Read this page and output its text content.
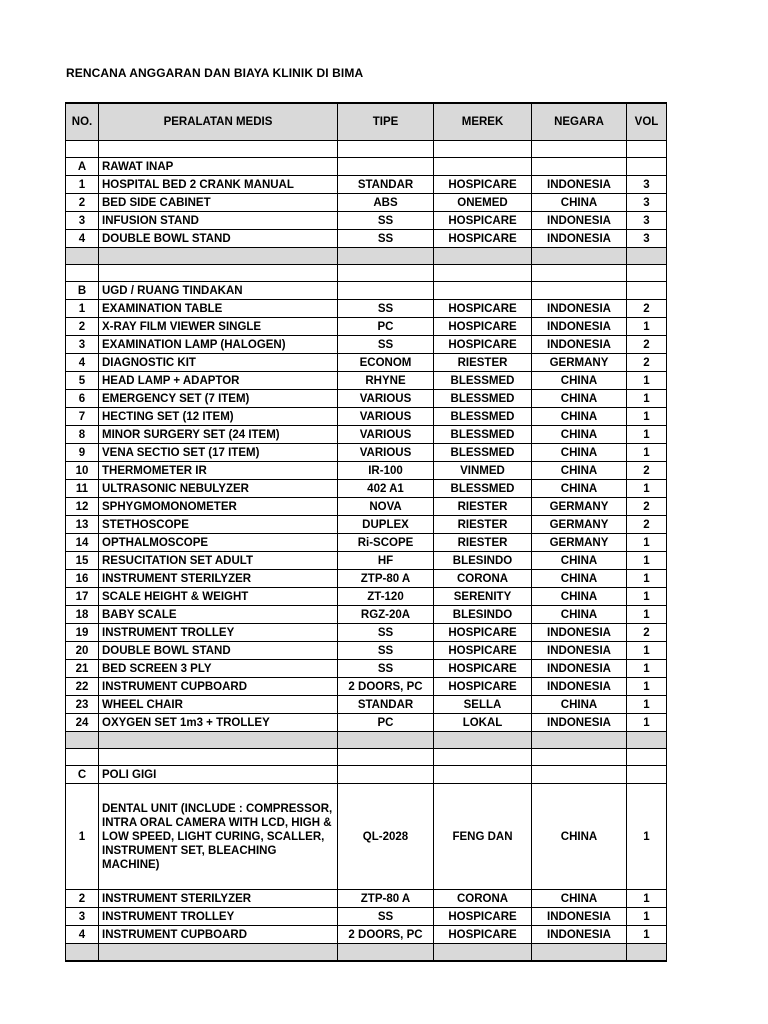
RENCANA ANGGARAN DAN BIAYA KLINIK DI BIMA
NO.	PERALATAN MEDIS	TIPE	MEREK	NEGARA	VOL

A	RAWAT INAP				
1	HOSPITAL BED 2 CRANK MANUAL	STANDAR	HOSPICARE	INDONESIA	3
2	BED SIDE CABINET	ABS	ONEMED	CHINA	3
3	INFUSION STAND	SS	HOSPICARE	INDONESIA	3
4	DOUBLE BOWL STAND	SS	HOSPICARE	INDONESIA	3

B	UGD / RUANG TINDAKAN				
1	EXAMINATION TABLE	SS	HOSPICARE	INDONESIA	2
2	X-RAY FILM VIEWER SINGLE	PC	HOSPICARE	INDONESIA	1
3	EXAMINATION LAMP (HALOGEN)	SS	HOSPICARE	INDONESIA	2
4	DIAGNOSTIC KIT	ECONOM	RIESTER	GERMANY	2
5	HEAD LAMP + ADAPTOR	RHYNE	BLESSMED	CHINA	1
6	EMERGENCY SET (7 ITEM)	VARIOUS	BLESSMED	CHINA	1
7	HECTING SET (12 ITEM)	VARIOUS	BLESSMED	CHINA	1
8	MINOR SURGERY SET (24 ITEM)	VARIOUS	BLESSMED	CHINA	1
9	VENA SECTIO SET (17 ITEM)	VARIOUS	BLESSMED	CHINA	1
10	THERMOMETER IR	IR-100	VINMED	CHINA	2
11	ULTRASONIC NEBULYZER	402 A1	BLESSMED	CHINA	1
12	SPHYGMOMONOMETER	NOVA	RIESTER	GERMANY	2
13	STETHOSCOPE	DUPLEX	RIESTER	GERMANY	2
14	OPTHALMOSCOPE	Ri-SCOPE	RIESTER	GERMANY	1
15	RESUCITATION SET ADULT	HF	BLESINDO	CHINA	1
16	INSTRUMENT STERILYZER	ZTP-80 A	CORONA	CHINA	1
17	SCALE HEIGHT & WEIGHT	ZT-120	SERENITY	CHINA	1
18	BABY SCALE	RGZ-20A	BLESINDO	CHINA	1
19	INSTRUMENT TROLLEY	SS	HOSPICARE	INDONESIA	2
20	DOUBLE BOWL STAND	SS	HOSPICARE	INDONESIA	1
21	BED SCREEN 3 PLY	SS	HOSPICARE	INDONESIA	1
22	INSTRUMENT CUPBOARD	2 DOORS, PC	HOSPICARE	INDONESIA	1
23	WHEEL CHAIR	STANDAR	SELLA	CHINA	1
24	OXYGEN SET 1m3 + TROLLEY	PC	LOKAL	INDONESIA	1

C	POLI GIGI				
1	DENTAL UNIT (INCLUDE : COMPRESSOR, INTRA ORAL CAMERA WITH LCD, HIGH & LOW SPEED, LIGHT CURING, SCALLER, INSTRUMENT SET, BLEACHING MACHINE)	QL-2028	FENG DAN	CHINA	1
2	INSTRUMENT STERILYZER	ZTP-80 A	CORONA	CHINA	1
3	INSTRUMENT TROLLEY	SS	HOSPICARE	INDONESIA	1
4	INSTRUMENT CUPBOARD	2 DOORS, PC	HOSPICARE	INDONESIA	1
